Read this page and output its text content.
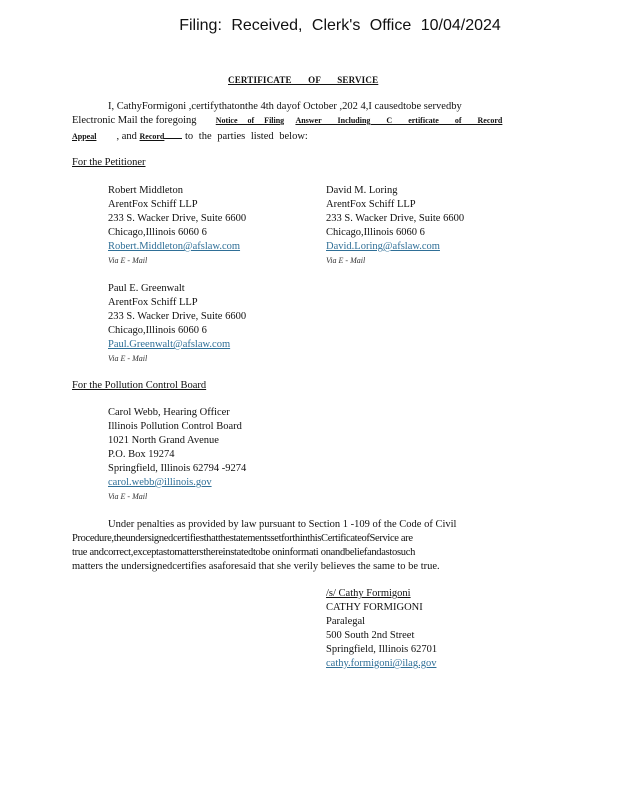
Filing: Received, Clerk's Office 10/04/2024
CERTIFICATE OF SERVICE
I, CathyFormigoni ,certifythatonthe 4th dayof October ,202 4,I causedtobe servedby
Electronic Mail the foregoing Notice of Filing Answer Including C ertificate of Record
Appeal , and Record to the parties listed below:
For the Petitioner
Robert Middleton
ArentFox Schiff LLP
233 S. Wacker Drive, Suite 6600
Chicago,Illinois 6060 6
Robert.Middleton@afslaw.com
Via E - Mail
David M. Loring
ArentFox Schiff LLP
233 S. Wacker Drive, Suite 6600
Chicago,Illinois 6060 6
David.Loring@afslaw.com
Via E - Mail
Paul E. Greenwalt
ArentFox Schiff LLP
233 S. Wacker Drive, Suite 6600
Chicago,Illinois 6060 6
Paul.Greenwalt@afslaw.com
Via E - Mail
For the Pollution Control Board
Carol Webb, Hearing Officer
Illinois Pollution Control Board
1021 North Grand Avenue
P.O. Box 19274
Springfield, Illinois 62794 -9274
carol.webb@illinois.gov
Via E - Mail
Under penalties as provided by law pursuant to Section 1 -109 of the Code of Civil
Procedure,theundersignedcertifiesthatthestatementssetforthinthisCertificateofService are
true andcorrect,exceptastomattersthereinstatedtobe oninformati onandbeliefandastosuch
matters the undersignedcertifies asaforesaid that she verily believes the same to be true.
/s/ Cathy Formigoni
CATHY FORMIGONI
Paralegal
500 South 2nd Street
Springfield, Illinois 62701
cathy.formigoni@ilag.gov
